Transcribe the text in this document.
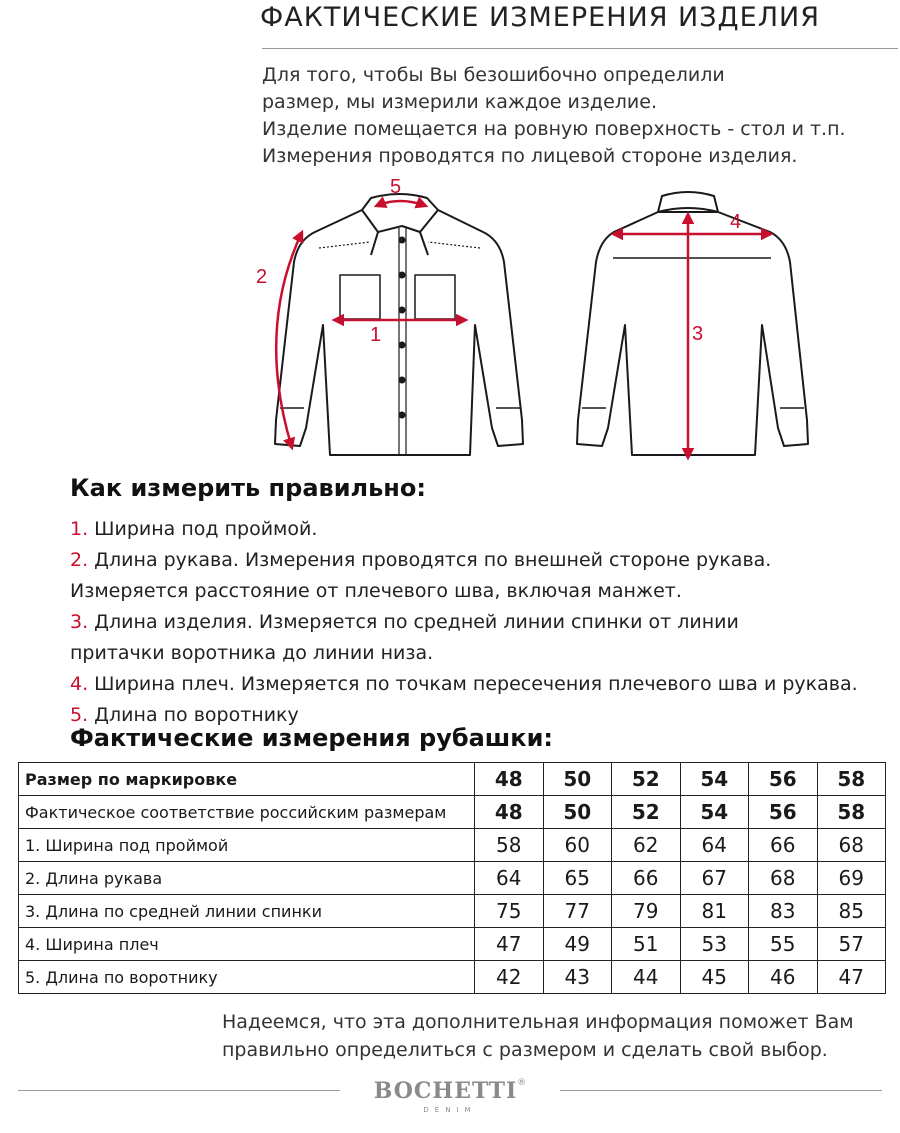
ФАКТИЧЕСКИЕ ИЗМЕРЕНИЯ ИЗДЕЛИЯ
Для того, чтобы Вы безошибочно определили
размер, мы измерили каждое изделие.
Изделие помещается на ровную поверхность - стол и т.п.
Измерения проводятся по лицевой стороне изделия.
1
2
3
4
5
Как измерить правильно:
1. Ширина под проймой.
2. Длина рукава. Измерения проводятся по внешней стороне рукава.
Измеряется расстояние от плечевого шва, включая манжет.
3. Длина изделия. Измеряется по средней линии спинки от линии
притачки воротника до линии низа.
4. Ширина плеч. Измеряется по точкам пересечения плечевого шва и рукава.
5. Длина по воротнику
Фактические измерения рубашки:
Размер по маркировке	48	50	52	54	56	58
Фактическое соответствие российским размерам	48	50	52	54	56	58
1. Ширина под проймой	58	60	62	64	66	68
2. Длина рукава	64	65	66	67	68	69
3. Длина по средней линии спинки	75	77	79	81	83	85
4. Ширина плеч	47	49	51	53	55	57
5. Длина по воротнику	42	43	44	45	46	47
Надеемся, что эта дополнительная информация поможет Вам
правильно определиться с размером и сделать свой выбор.
BOCHETTI®
DENIM
